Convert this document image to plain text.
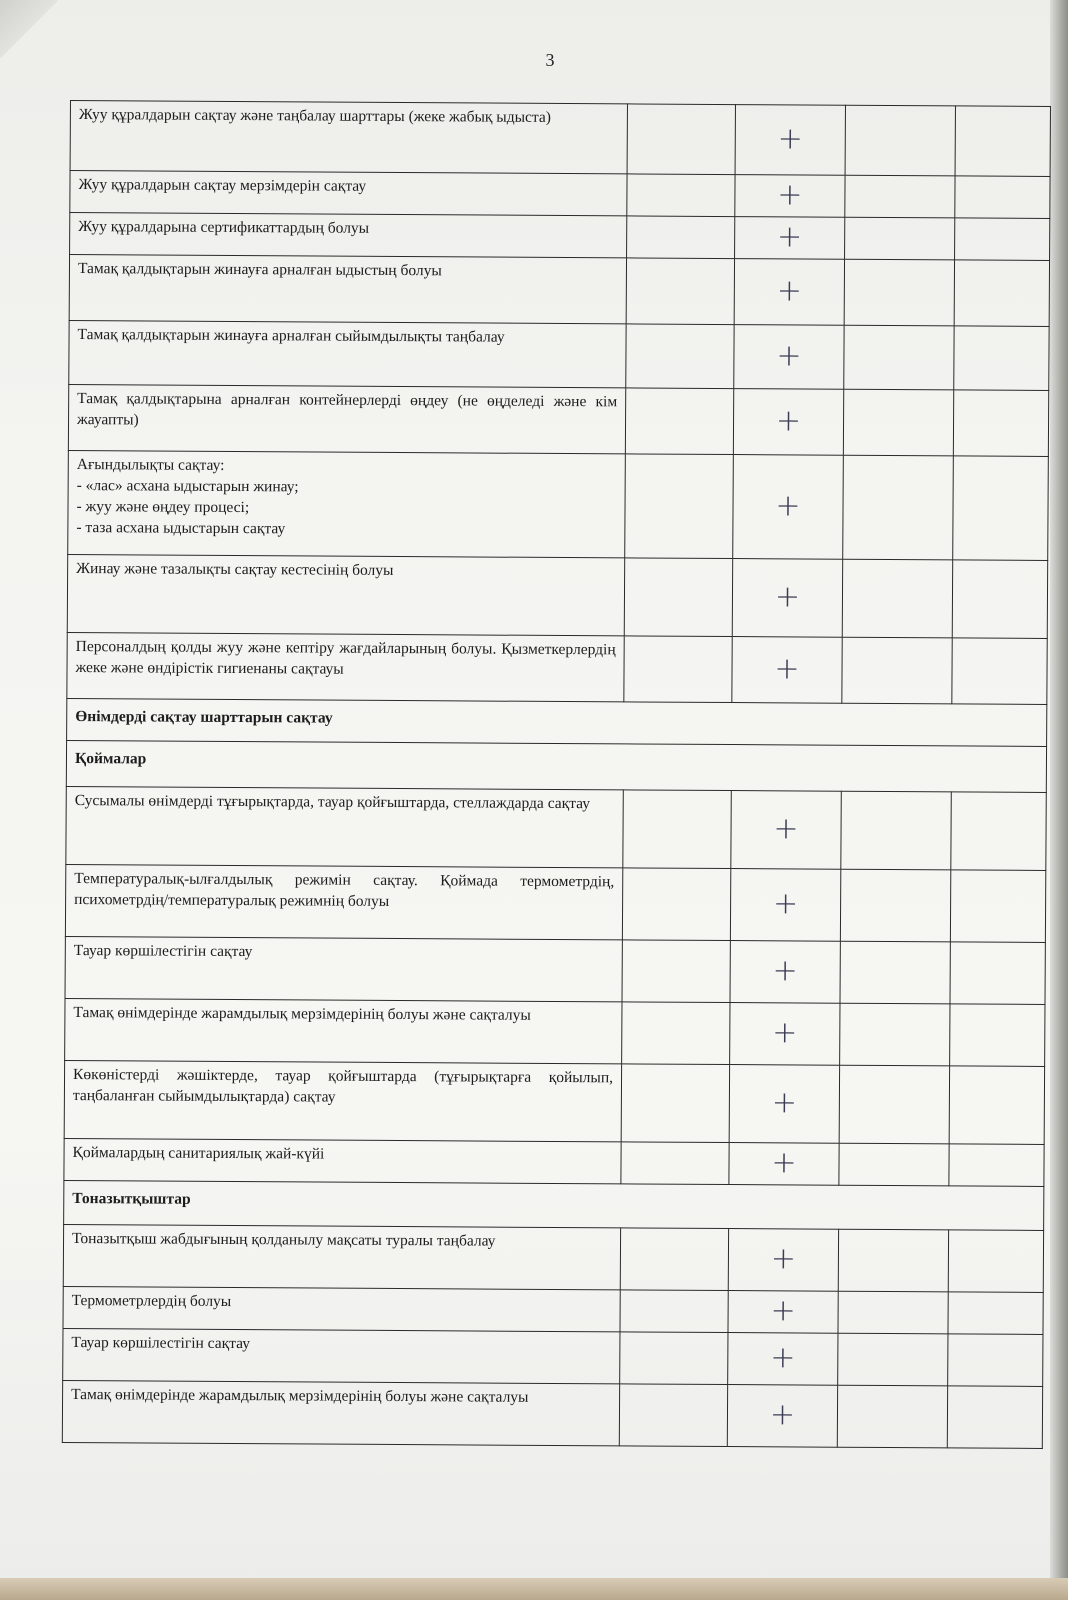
3
Жуу құралдарын сақтау және таңбалау шарттары (жеке жабық ыдыста)		+		
Жуу құралдарын сақтау мерзімдерін сақтау		+		
Жуу құралдарына сертификаттардың болуы		+		
Тамақ қалдықтарын жинауға арналған ыдыстың болуы		+		
Тамақ қалдықтарын жинауға арналған сыйымдылықты таңбалау		+		
Тамақ қалдықтарына арналған контейнерлерді өңдеу (не өңделеді және кім жауапты)		+		

Ағындылықты сақтау:
- «лас» асхана ыдыстарын жинау;
- жуу және өңдеу процесі;
- таза асхана ыдыстарын сақтау		+		
Жинау және тазалықты сақтау кестесінің болуы		+		
Персоналдың қолды жуу және кептіру жағдайларының болуы. Қызметкерлердің жеке және өндірістік гигиенаны сақтауы		+		
Өнімдерді сақтау шарттарын сақтау				
Қоймалар				
Сусымалы өнімдерді тұғырықтарда, тауар қойғыштарда, стеллаждарда сақтау		+		
Температуралық-ылғалдылық режимін сақтау. Қоймада термометрдің, психометрдің/температуралық режимнің болуы		+		
Тауар көршілестігін сақтау		+		
Тамақ өнімдерінде жарамдылық мерзімдерінің болуы және сақталуы		+		
Көкөністерді жәшіктерде, тауар қойғыштарда (тұғырықтарға қойылып, таңбаланған сыйымдылықтарда) сақтау		+		
Қоймалардың санитариялық жай-күйі		+		
Тоназытқыштар				
Тоназытқыш жабдығының қолданылу мақсаты туралы таңбалау		+		
Термометрлердің болуы		+		
Тауар көршілестігін сақтау		+		
Тамақ өнімдерінде жарамдылық мерзімдерінің болуы және сақталуы		+		
